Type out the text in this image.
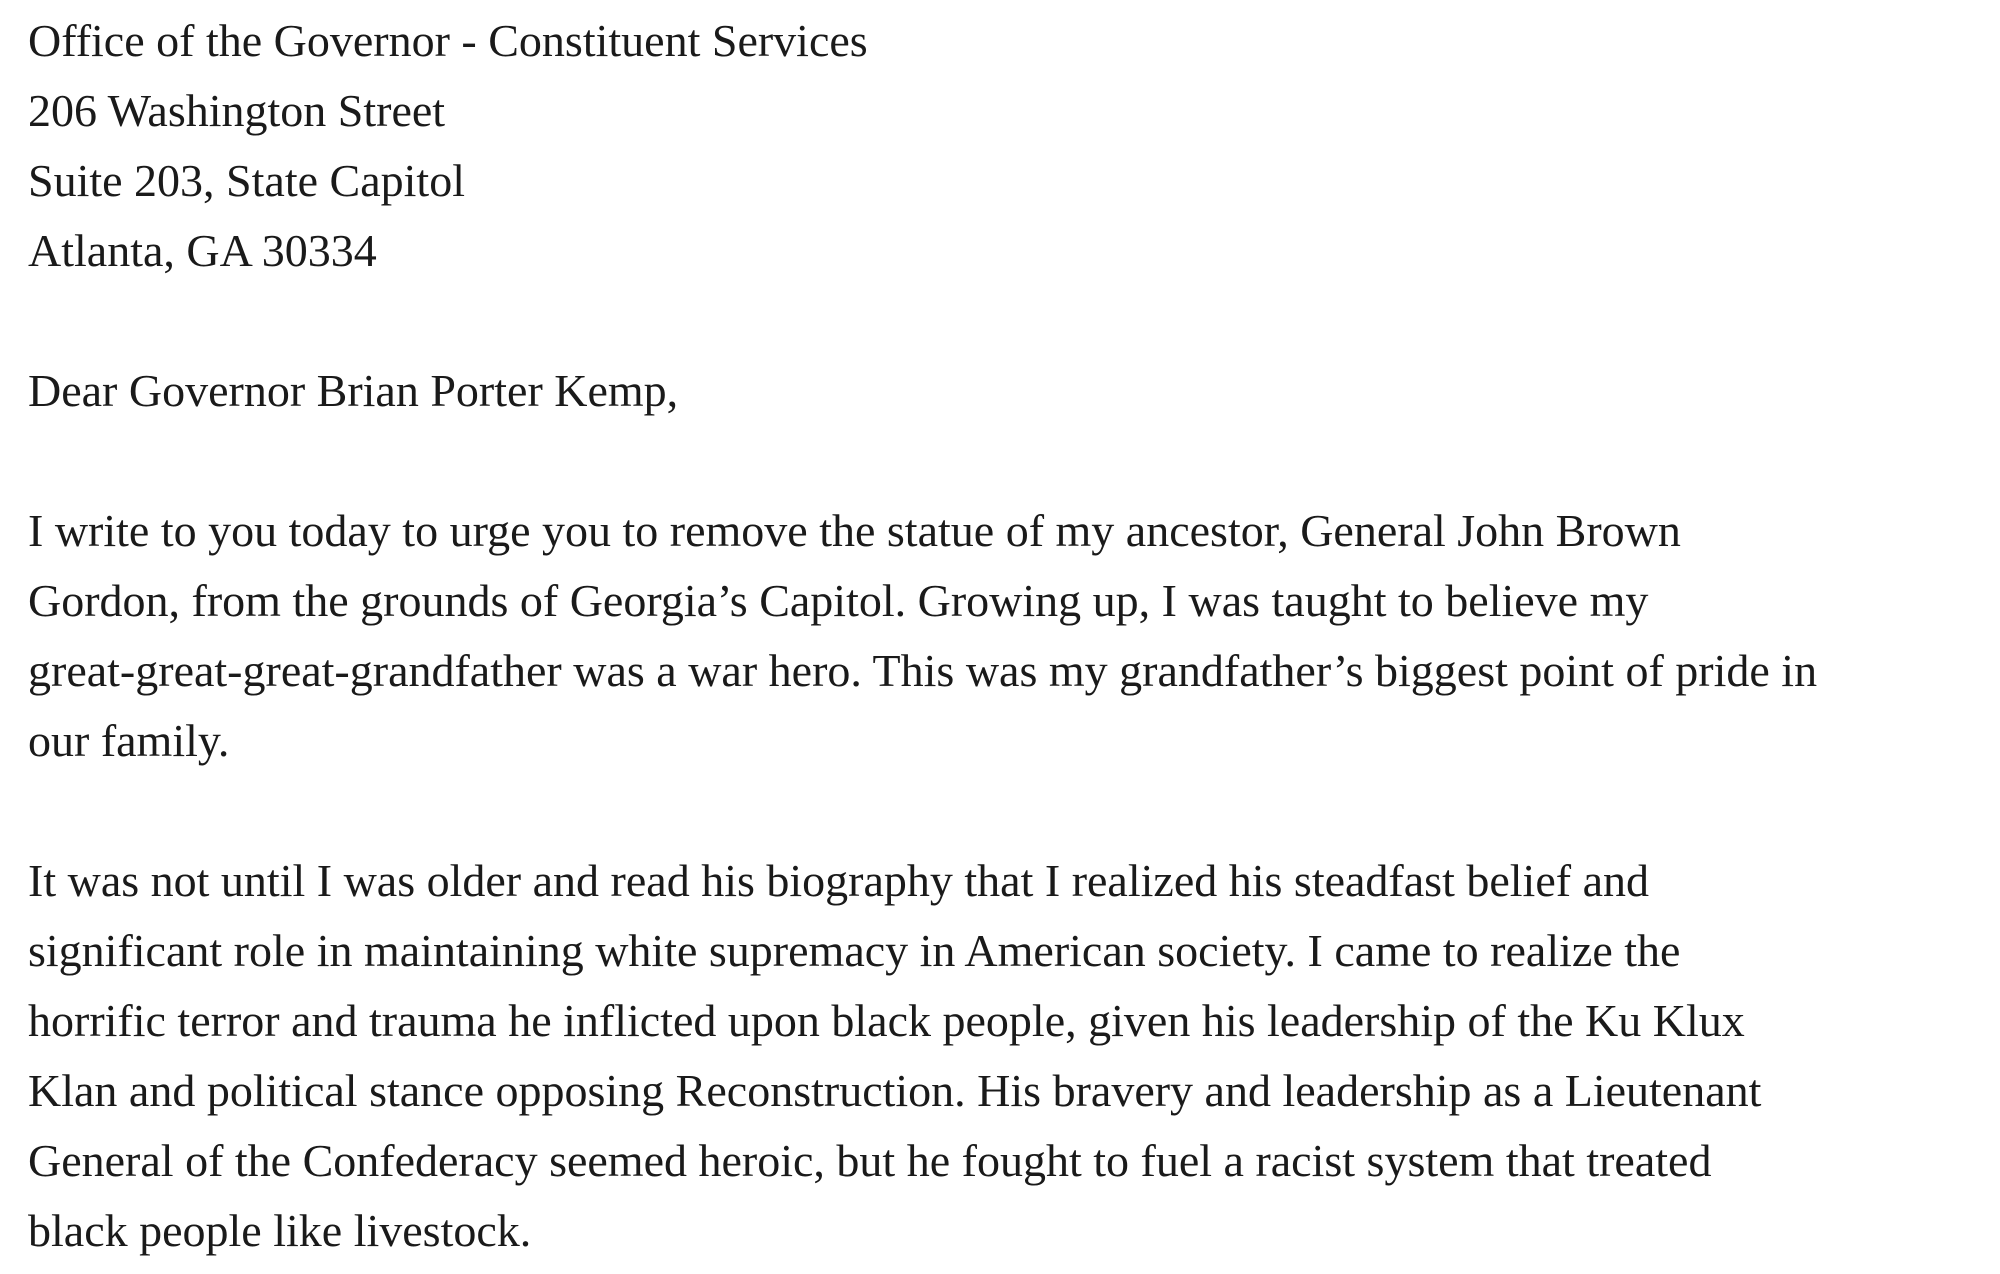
Office of the Governor - Constituent Services

206 Washington Street

Suite 203, State Capitol

Atlanta, GA 30334

Dear Governor Brian Porter Kemp,

I write to you today to urge you to remove the statue of my ancestor, General John Brown
Gordon, from the grounds of Georgia’s Capitol. Growing up, I was taught to believe my
great-great-great-grandfather was a war hero. This was my grandfather’s biggest point of pride in
our family.
It was not until I was older and read his biography that I realized his steadfast belief and
significant role in maintaining white supremacy in American society. I came to realize the
horrific terror and trauma he inflicted upon black people, given his leadership of the Ku Klux
Klan and political stance opposing Reconstruction. His bravery and leadership as a Lieutenant
General of the Confederacy seemed heroic, but he fought to fuel a racist system that treated
black people like livestock.
